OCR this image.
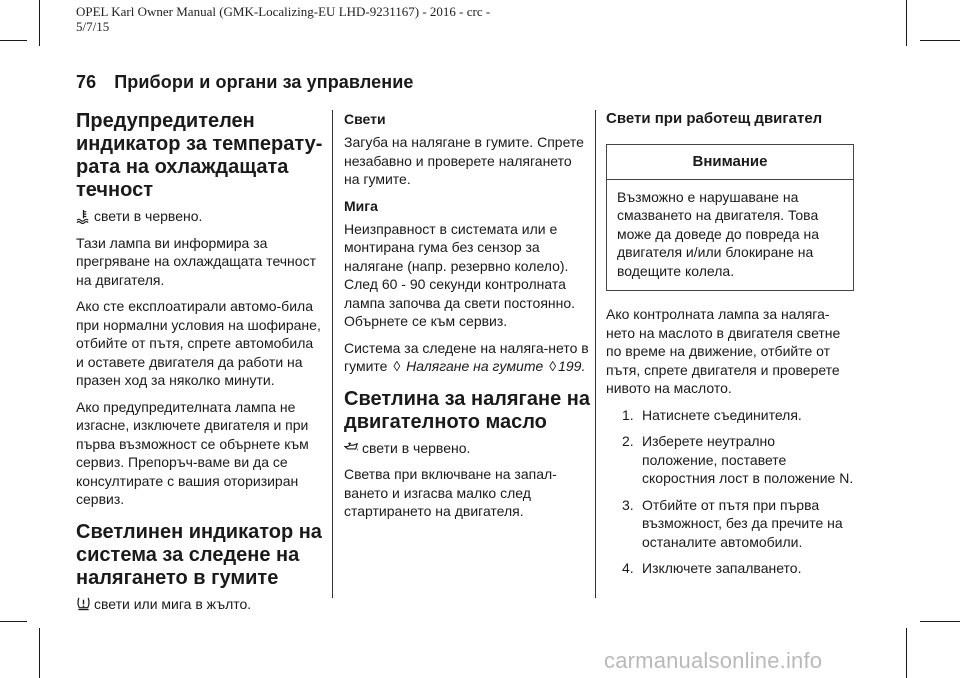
OPEL Karl Owner Manual (GMK-Localizing-EU LHD-9231167) - 2016 - crc -
5/7/15
76 Прибори и органи за управление
Предупредителен индикатор за температу-рата на охлаждащата течност
свети в червено.

Тази лампа ви информира за прегряване на охлаждащата течност на двигателя.

Ако сте експлоатирали автомо-била при нормални условия на шофиране, отбийте от пътя, спрете автомобила и оставете двигателя да работи на празен ход за няколко минути.

Ако предупредителната лампа не изгасне, изключете двигателя и при първа възможност се обърнете към сервиз. Препоръч-ваме ви да се консултирате с вашия оторизиран сервиз.

Светлинен индикатор на система за следене на налягането в гумите
свети или мига в жълто.
Свети

Загуба на налягане в гумите. Спрете незабавно и проверете налягането на гумите.

Мига

Неизправност в системата или е монтирана гума без сензор за налягане (напр. резервно колело). След 60 - 90 секунди контролната лампа започва да свети постоянно. Обърнете се към сервиз.

Система за следене на наляга-нето в гумите ◊ Налягане на гумите ◊ 199.

Светлина за налягане на двигателното масло
свети в червено.

Светва при включване на запал-ването и изгасва малко след стартирането на двигателя.

Свети при работещ двигател
Внимание
Възможно е нарушаване на смазването на двигателя. Това може да доведе до повреда на двигателя и/или блокиране на водещите колела.

Ако контролната лампа за наляга-нето на маслото в двигателя светне по време на движение, отбийте от пътя, спрете двигателя и проверете нивото на маслото.

1. Натиснете съединителя.
2. Изберете неутрално положение, поставете скоростния лост в положение N.
3. Отбийте от пътя при първа възможност, без да пречите на останалите автомобили.
4. Изключете запалването.
carmanualsonline.info
